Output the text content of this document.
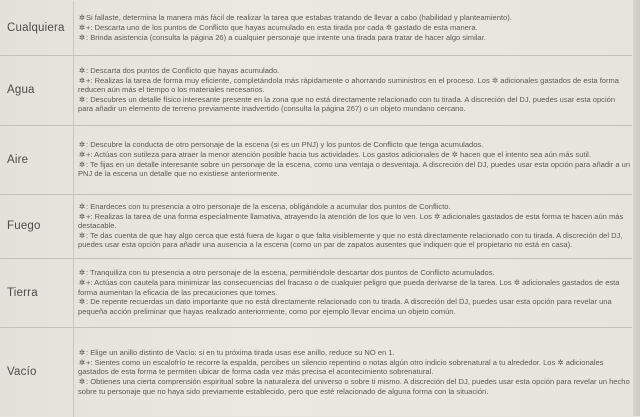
Cualquiera	✲Si fallaste, determina la manera más fácil de realizar la tarea que estabas tratando de llevar a cabo (habilidad y planteamiento).
✲+: Descarta uno de los puntos de Conflicto que hayas acumulado en esta tirada por cada ✲ gastado de esta manera.
✲: Brinda asistencia (consulta la página 26) a cualquier personaje que intente una tirada para tratar de hacer algo similar.

Agua	✲: Descarta dos puntos de Conflicto que hayas acumulado.
✲+: Realizas la tarea de forma muy eficiente, completándola más rápidamente o ahorrando suministros en el proceso. Los ✲ adicionales gastados de esta forma reducen aún más el tiempo o los materiales necesarios.
✲: Descubres un detalle físico interesante presente en la zona que no está directamente relacionado con tu tirada. A discreción del DJ, puedes usar esta opción para añadir un elemento de terreno previamente inadvertido (consulta la página 267) o un objeto mundano cercano.

Aire	✲: Descubre la conducta de otro personaje de la escena (si es un PNJ) y los puntos de Conflicto que tenga acumulados.
✲+: Actúas con sutileza para atraer la menor atención posible hacia tus actividades. Los gastos adicionales de ✲ hacen que el intento sea aún más sutil.
✲: Te fijas en un detalle interesante sobre un personaje de la escena, como una ventaja o desventaja. A discreción del DJ, puedes usar esta opción para añadir a un PNJ de la escena un detalle que no existiese anteriormente.

Fuego	✲: Enardeces con tu presencia a otro personaje de la escena, obligándole a acumular dos puntos de Conflicto.
✲+: Realizas la tarea de una forma especialmente llamativa, atrayendo la atención de los que lo ven. Los ✲ adicionales gastados de esta forma te hacen aún más destacable.
✲: Te das cuenta de que hay algo cerca que está fuera de lugar o que falta visiblemente y que no está directamente relacionado con tu tirada. A discreción del DJ, puedes usar esta opción para añadir una ausencia a la escena (como un par de zapatos ausentes que indiquen que el propietario no está en casa).

Tierra	✲: Tranquiliza con tu presencia a otro personaje de la escena, permitiéndole descartar dos puntos de Conflicto acumulados.
✲+: Actúas con cautela para minimizar las consecuencias del fracaso o de cualquier peligro que pueda derivarse de la tarea. Los ✲ adicionales gastados de esta forma aumentan la eficacia de las precauciones que tomes.
✲: De repente recuerdas un dato importante que no está directamente relacionado con tu tirada. A discreción del DJ, puedes usar esta opción para revelar una pequeña acción preliminar que hayas realizado anteriormente, como por ejemplo llevar encima un objeto común.

Vacío	✲: Elige un anillo distinto de Vacío: si en tu próxima tirada usas ese anillo, reduce su NO en 1.
✲+: Sientes como un escalofrío te recorre la espalda, percibes un silencio repentino o notas algún otro indicio sobrenatural a tu alrededor. Los ✲ adicionales gastados de esta forma te permiten ubicar de forma cada vez más precisa el acontecimiento sobrenatural.
✲: Obtienes una cierta comprensión espiritual sobre la naturaleza del universo o sobre ti mismo. A discreción del DJ, puedes usar esta opción para revelar un hecho sobre tu personaje que no haya sido previamente establecido, pero que esté relacionado de alguna forma con la situación.
